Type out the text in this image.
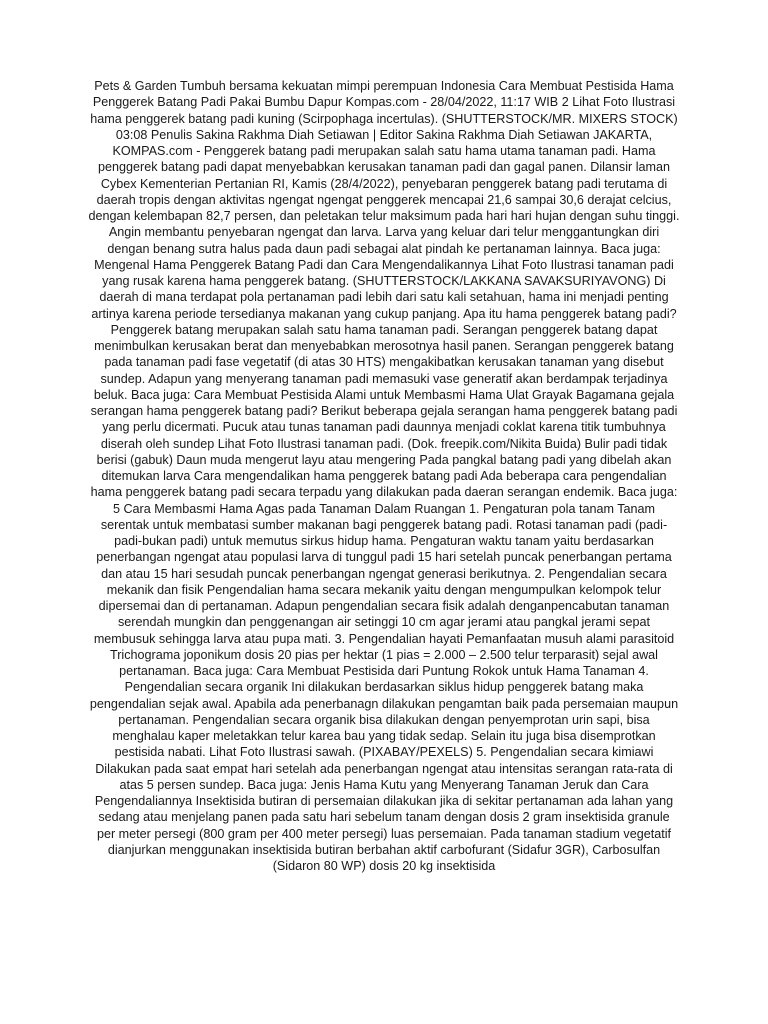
Pets & Garden Tumbuh bersama kekuatan mimpi perempuan Indonesia Cara Membuat Pestisida Hama Penggerek Batang Padi Pakai Bumbu Dapur Kompas.com - 28/04/2022, 11:17 WIB 2 Lihat Foto Ilustrasi hama penggerek batang padi kuning (Scirpophaga incertulas). (SHUTTERSTOCK/MR. MIXERS STOCK) 03:08 Penulis Sakina Rakhma Diah Setiawan | Editor Sakina Rakhma Diah Setiawan JAKARTA, KOMPAS.com - Penggerek batang padi merupakan salah satu hama utama tanaman padi. Hama penggerek batang padi dapat menyebabkan kerusakan tanaman padi dan gagal panen. Dilansir laman Cybex Kementerian Pertanian RI, Kamis (28/4/2022), penyebaran penggerek batang padi terutama di daerah tropis dengan aktivitas ngengat ngengat penggerek mencapai 21,6 sampai 30,6 derajat celcius, dengan kelembapan 82,7 persen, dan peletakan telur maksimum pada hari hari hujan dengan suhu tinggi. Angin membantu penyebaran ngengat dan larva. Larva yang keluar dari telur menggantungkan diri dengan benang sutra halus pada daun padi sebagai alat pindah ke pertanaman lainnya. Baca juga: Mengenal Hama Penggerek Batang Padi dan Cara Mengendalikannya Lihat Foto Ilustrasi tanaman padi yang rusak karena hama penggerek batang. (SHUTTERSTOCK/LAKKANA SAVAKSURIYAVONG) Di daerah di mana terdapat pola pertanaman padi lebih dari satu kali setahuan, hama ini menjadi penting artinya karena periode tersedianya makanan yang cukup panjang. Apa itu hama penggerek batang padi? Penggerek batang merupakan salah satu hama tanaman padi. Serangan penggerek batang dapat menimbulkan kerusakan berat dan menyebabkan merosotnya hasil panen. Serangan penggerek batang pada tanaman padi fase vegetatif (di atas 30 HTS) mengakibatkan kerusakan tanaman yang disebut sundep. Adapun yang menyerang tanaman padi memasuki vase generatif akan berdampak terjadinya beluk. Baca juga: Cara Membuat Pestisida Alami untuk Membasmi Hama Ulat Grayak Bagamana gejala serangan hama penggerek batang padi? Berikut beberapa gejala serangan hama penggerek batang padi yang perlu dicermati. Pucuk atau tunas tanaman padi daunnya menjadi coklat karena titik tumbuhnya diserah oleh sundep Lihat Foto Ilustrasi tanaman padi. (Dok. freepik.com/Nikita Buida) Bulir padi tidak berisi (gabuk) Daun muda mengerut layu atau mengering Pada pangkal batang padi yang dibelah akan ditemukan larva Cara mengendalikan hama penggerek batang padi Ada beberapa cara pengendalian hama penggerek batang padi secara terpadu yang dilakukan pada daeran serangan endemik. Baca juga: 5 Cara Membasmi Hama Agas pada Tanaman Dalam Ruangan 1. Pengaturan pola tanam Tanam serentak untuk membatasi sumber makanan bagi penggerek batang padi. Rotasi tanaman padi (padi-padi-bukan padi) untuk memutus sirkus hidup hama. Pengaturan waktu tanam yaitu berdasarkan penerbangan ngengat atau populasi larva di tunggul padi 15 hari setelah puncak penerbangan pertama dan atau 15 hari sesudah puncak penerbangan ngengat generasi berikutnya. 2. Pengendalian secara mekanik dan fisik Pengendalian hama secara mekanik yaitu dengan mengumpulkan kelompok telur dipersemai dan di pertanaman. Adapun pengendalian secara fisik adalah denganpencabutan tanaman serendah mungkin dan penggenangan air setinggi 10 cm agar jerami atau pangkal jerami sepat membusuk sehingga larva atau pupa mati. 3. Pengendalian hayati Pemanfaatan musuh alami parasitoid Trichograma joponikum dosis 20 pias per hektar (1 pias = 2.000 – 2.500 telur terparasit) sejal awal pertanaman. Baca juga: Cara Membuat Pestisida dari Puntung Rokok untuk Hama Tanaman 4. Pengendalian secara organik Ini dilakukan berdasarkan siklus hidup penggerek batang maka pengendalian sejak awal. Apabila ada penerbanagn dilakukan pengamtan baik pada persemaian maupun pertanaman. Pengendalian secara organik bisa dilakukan dengan penyemprotan urin sapi, bisa menghalau kaper meletakkan telur karea bau yang tidak sedap. Selain itu juga bisa disemprotkan pestisida nabati. Lihat Foto Ilustrasi sawah. (PIXABAY/PEXELS) 5. Pengendalian secara kimiawi Dilakukan pada saat empat hari setelah ada penerbangan ngengat atau intensitas serangan rata-rata di atas 5 persen sundep. Baca juga: Jenis Hama Kutu yang Menyerang Tanaman Jeruk dan Cara Pengendaliannya Insektisida butiran di persemaian dilakukan jika di sekitar pertanaman ada lahan yang sedang atau menjelang panen pada satu hari sebelum tanam dengan dosis 2 gram insektisida granule per meter persegi (800 gram per 400 meter persegi) luas persemaian. Pada tanaman stadium vegetatif dianjurkan menggunakan insektisida butiran berbahan aktif carbofurant (Sidafur 3GR), Carbosulfan (Sidaron 80 WP) dosis 20 kg insektisida
